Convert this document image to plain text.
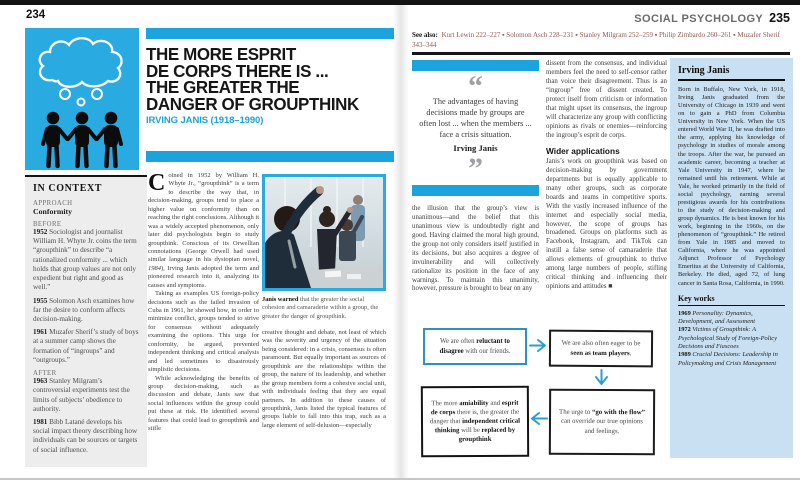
234
THE MORE ESPRIT
DE CORPS THERE IS ...
THE GREATER THE
DANGER OF GROUPTHINK
IRVING JANIS (1918–1990)
IN CONTEXT
APPROACH
Conformity
BEFORE

1952 Sociologist and journalist William H. Whyte Jr. coins the term “groupthink” to describe “a rationalized conformity ... which holds that group values are not only expedient but right and good as well.”

1955 Solomon Asch examines how far the desire to conform affects decision-making.

1961 Muzafer Sherif’s study of boys at a summer camp shows the formation of “ingroups” and “outgroups.”

AFTER

1963 Stanley Milgram’s controversial experiments test the limits of subjects’ obedience to authority.

1981 Bibb Latané develops his social impact theory describing how individuals can be sources or targets of social influence.

Coined in 1952 by William H. Whyte Jr., “groupthink” is a term to describe the way that, in decision-making, groups tend to place a higher value on conformity than on reaching the right conclusions. Although it was a widely accepted phenomenon, only later did psychologists begin to study groupthink. Conscious of its Orwellian connotations (George Orwell had used similar language in his dystopian novel, 1984), Irving Janis adopted the term and pioneered research into it, analyzing its causes and symptoms.

Taking as examples US foreign-policy decisions such as the failed invasion of Cuba in 1961, he showed how, in order to minimize conflict, groups tended to strive for consensus without adequately examining the options. This urge for conformity, he argued, prevented independent thinking and critical analysis and led sometimes to disastrously simplistic decisions.

While acknowledging the benefits of group decision-making, such as discussion and debate, Janis saw that social influences within the group could put these at risk. He identified several features that could lead to groupthink and stifle

Janis warned that the greater the social cohesion and camaraderie within a group, the greater the danger of groupthink.

creative thought and debate, not least of which was the severity and urgency of the situation being considered: in a crisis, consensus is often paramount. But equally important as sources of groupthink are the relationships within the group, the nature of its leadership, and whether the group members form a cohesive social unit, with individuals feeling that they are equal partners. In addition to these causes of groupthink, Janis listed the typical features of groups liable to fall into this trap, such as a large element of self-delusion—especially

SOCIAL PSYCHOLOGY 235
See also: Kurt Lewin 222–227 ▪ Solomon Asch 228–231 ▪ Stanley Milgram 252–259 ▪ Philip Zimbardo 260–261 ▪ Muzafer Sherif 343–344
“
The advantages of having decisions made by groups are often lost ... when the members ... face a crisis situation.
Irving Janis
”

the illusion that the group’s view is unanimous—and the belief that this unanimous view is undoubtedly right and good. Having claimed the moral high ground, the group not only considers itself justified in its decisions, but also acquires a degree of invulnerability and will collectively rationalize its position in the face of any warnings. To maintain this unanimity, however, pressure is brought to bear on any

dissent from the consensus, and individual members feel the need to self-censor rather than voice their disagreement. Thus is an “ingroup” free of dissent created. To protect itself from criticism or information that might upset its consensus, the ingroup will characterize any group with conflicting opinions as rivals or enemies—reinforcing the ingroup’s esprit de corps.

Wider applications

Janis’s work on groupthink was based on decision-making by government departments but is equally applicable to many other groups, such as corporate boards and teams in competitive sports. With the vastly increased influence of the internet and especially social media, however, the scope of groups has broadened. Groups on platforms such as Facebook, Instagram, and TikTok can instill a false sense of camaraderie that allows elements of groupthink to thrive among large numbers of people, stifling critical thinking and influencing their opinions and attitudes ■

We are often reluctant to disagree with our friends.
We are also often eager to be seen as team players.
The more amiability and esprit de corps there is, the greater the danger that independent critical thinking will be replaced by groupthink
The urge to “go with the flow” can override our true opinions and feelings.
Irving Janis

Born in Buffalo, New York, in 1918, Irving Janis graduated from the University of Chicago in 1939 and went on to gain a PhD from Columbia University in New York. When the US entered World War II, he was drafted into the army, applying his knowledge of psychology in studies of morale among the troops. After the war, he pursued an academic career, becoming a teacher at Yale University in 1947, where he remained until his retirement. While at Yale, he worked primarily in the field of social psychology, earning several prestigious awards for his contributions to the study of decision-making and group dynamics. He is best known for his work, beginning in the 1960s, on the phenomenon of “groupthink.” He retired from Yale in 1985 and moved to California, where he was appointed Adjunct Professor of Psychology Emeritus at the University of California, Berkeley. He died, aged 72, of lung cancer in Santa Rosa, California, in 1990.

Key works

1969 Personality: Dynamics, Development, and Assessment
1972 Victims of Groupthink: A Psychological Study of Foreign-Policy Decisions and Fiascoes
1989 Crucial Decisions: Leadership in Policymaking and Crisis Management
